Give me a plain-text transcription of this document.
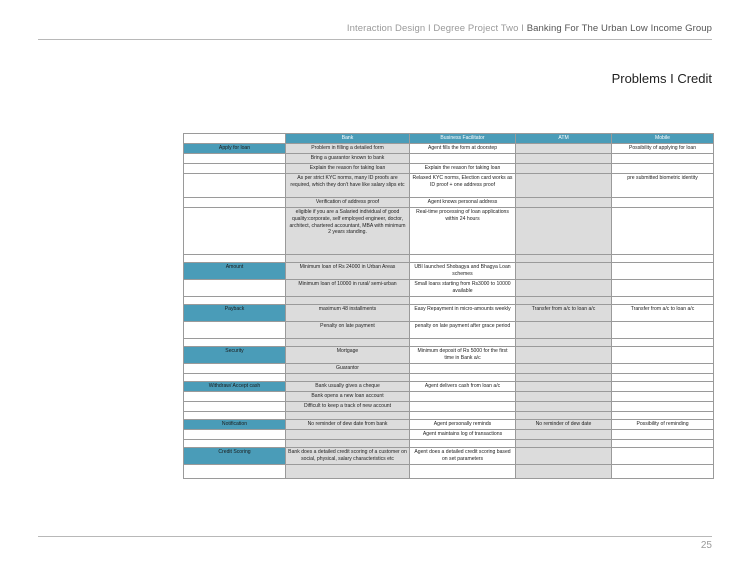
Interaction Design I Degree Project Two I Banking For The Urban Low Income Group
Problems I Credit
	Bank	Business Facilitator	ATM	Mobile
Apply for loan	Problem in filling a detailed form	Agent fills the form at doorstep		Possibility of applying for loan
	Bring a guarantor known to bank			
	Explain the reason for taking loan	Explain the reason for taking loan		
	As per strict KYC norms, many ID proofs are required, which they don't have like salary slips etc	Relaxed KYC norms, Election card works as ID proof + one address proof		pre submitted biometric identity
	Verification of address proof	Agent knows personal address		
	eligible if you are a Salaried individual of good quality:corporate, self employed engineer, doctor, architect, chartered accountant, MBA with minimum 2 years standing.	Real-time processing of loan applications within 24 hours		

Amount	Minimum loan of Rs 24000 in Urban Areas	UBI launched Shobagya and Bhagya Loan schemes		
	Minimum loan of 10000 in rural/ semi-urban	Small loans starting from Rs3000 to 10000 available		

Payback	maximum 48 installments	Easy Repayment in micro-amounts weekly	Transfer from a/c to loan a/c	Transfer from a/c to loan a/c
	Penalty on late payment	penalty on late payment after grace period		

Security	Mortgage	Minimum deposit of Rs 5000 for the first time in Bank a/c		
	Guarantor			

Withdraw/ Accept cash	Bank usually gives a cheque	Agent delivers cash from loan a/c		
	Bank opens a new loan account			
	Difficult to keep a track of new account			

Notification	No reminder of dew date from bank	Agent personally reminds	No reminder of dew date	Possibility of reminding
		Agent maintains log of transactions		

Credit Scoring	Bank does a detailed credit scoring of a customer on social, physical, salary characteristics etc	Agent does a detailed credit scoring based on set parameters		

25
